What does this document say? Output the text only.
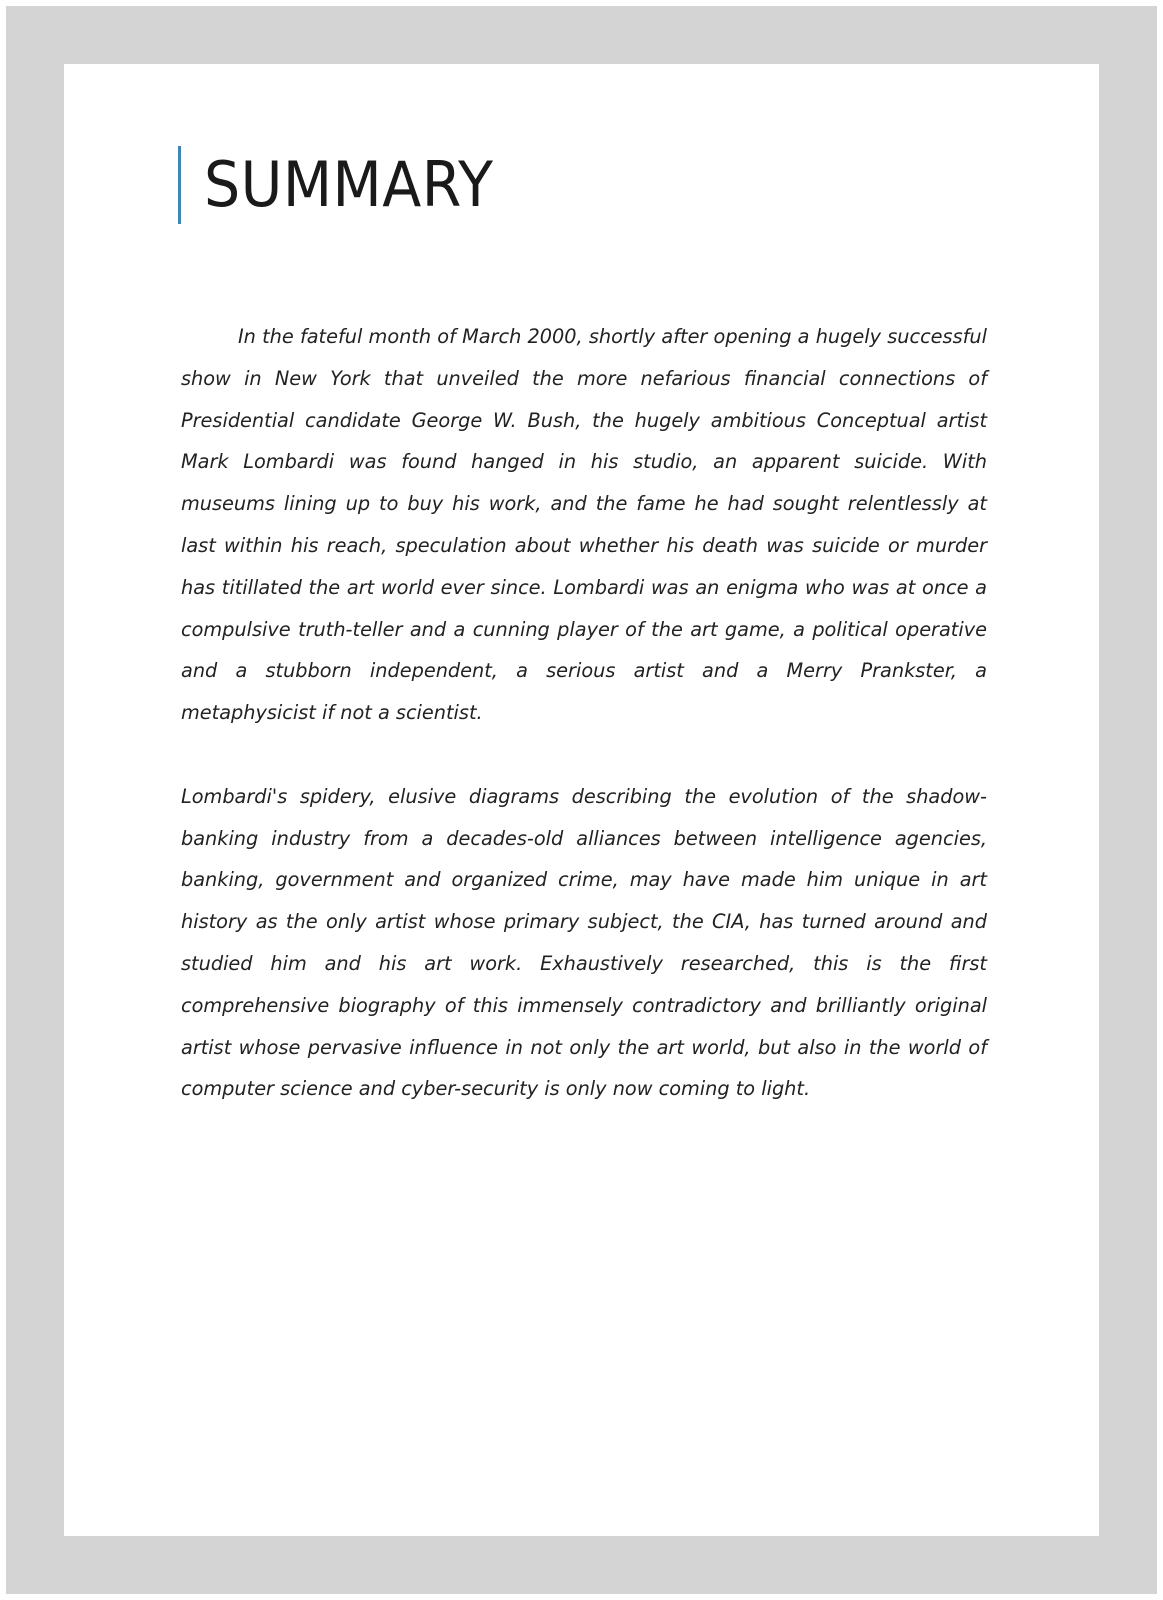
SUMMARY

In the fateful month of March 2000, shortly after opening a hugely successful show in New York that unveiled the more nefarious financial connections of Presidential candidate George W. Bush, the hugely ambitious Conceptual artist Mark Lombardi was found hanged in his studio, an apparent suicide. With museums lining up to buy his work, and the fame he had sought relentlessly at last within his reach, speculation about whether his death was suicide or murder has titillated the art world ever since. Lombardi was an enigma who was at once a compulsive truth-teller and a cunning player of the art game, a political operative and a stubborn independent, a serious artist and a Merry Prankster, a metaphysicist if not a scientist.

Lombardi's spidery, elusive diagrams describing the evolution of the shadow-banking industry from a decades-old alliances between intelligence agencies, banking, government and organized crime, may have made him unique in art history as the only artist whose primary subject, the CIA, has turned around and studied him and his art work. Exhaustively researched, this is the first comprehensive biography of this immensely contradictory and brilliantly original artist whose pervasive influence in not only the art world, but also in the world of computer science and cyber-security is only now coming to light.
